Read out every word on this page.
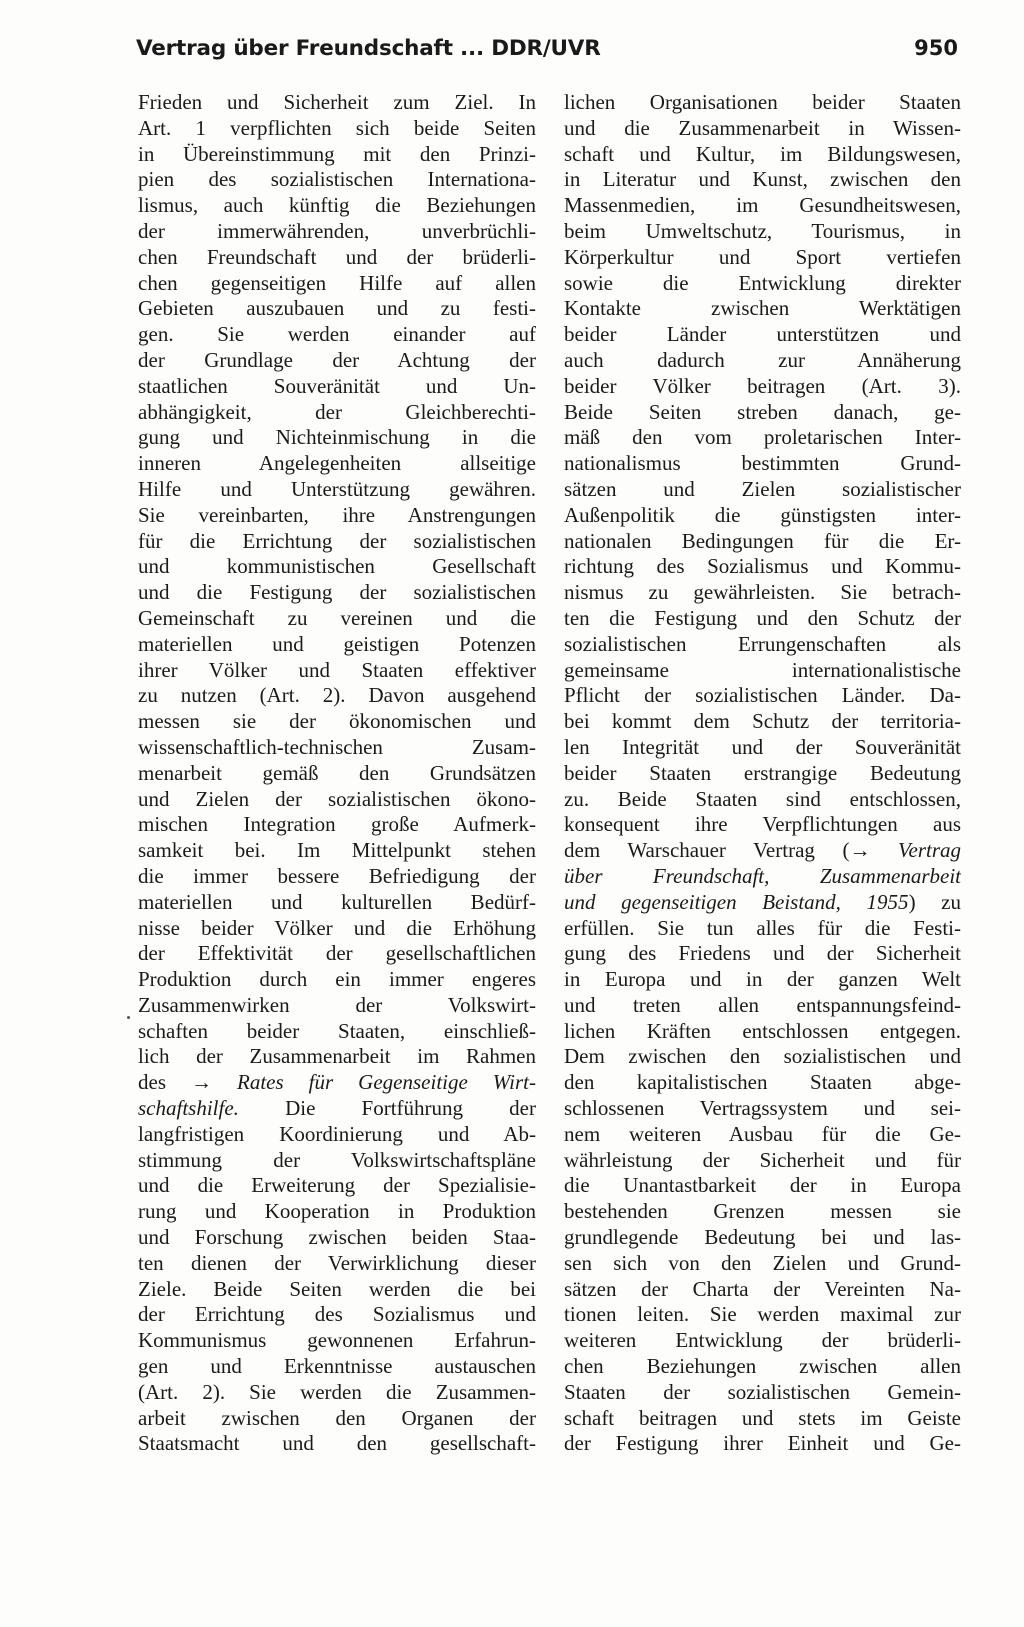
Vertrag über Freundschaft ... DDR/UVR	950
Frieden und Sicherheit zum Ziel. In
Art. 1 verpflichten sich beide Seiten
in Übereinstimmung mit den Prinzi-
pien des sozialistischen Internationa-
lismus, auch künftig die Beziehungen
der immerwährenden, unverbrüchli-
chen Freundschaft und der brüderli-
chen gegenseitigen Hilfe auf allen
Gebieten auszubauen und zu festi-
gen. Sie werden einander auf
der Grundlage der Achtung der
staatlichen Souveränität und Un-
abhängigkeit, der Gleichberechti-
gung und Nichteinmischung in die
inneren Angelegenheiten allseitige
Hilfe und Unterstützung gewähren.
Sie vereinbarten, ihre Anstrengungen
für die Errichtung der sozialistischen
und kommunistischen Gesellschaft
und die Festigung der sozialistischen
Gemeinschaft zu vereinen und die
materiellen und geistigen Potenzen
ihrer Völker und Staaten effektiver
zu nutzen (Art. 2). Davon ausgehend
messen sie der ökonomischen und
wissenschaftlich-technischen Zusam-
menarbeit gemäß den Grundsätzen
und Zielen der sozialistischen ökono-
mischen Integration große Aufmerk-
samkeit bei. Im Mittelpunkt stehen
die immer bessere Befriedigung der
materiellen und kulturellen Bedürf-
nisse beider Völker und die Erhöhung
der Effektivität der gesellschaftlichen
Produktion durch ein immer engeres
Zusammenwirken der Volkswirt-
schaften beider Staaten, einschließ-
lich der Zusammenarbeit im Rahmen
des → Rates für Gegenseitige Wirt-
schaftshilfe. Die Fortführung der
langfristigen Koordinierung und Ab-
stimmung der Volkswirtschaftspläne
und die Erweiterung der Spezialisie-
rung und Kooperation in Produktion
und Forschung zwischen beiden Staa-
ten dienen der Verwirklichung dieser
Ziele. Beide Seiten werden die bei
der Errichtung des Sozialismus und
Kommunismus gewonnenen Erfahrun-
gen und Erkenntnisse austauschen
(Art. 2). Sie werden die Zusammen-
arbeit zwischen den Organen der
Staatsmacht und den gesellschaft-
lichen Organisationen beider Staaten
und die Zusammenarbeit in Wissen-
schaft und Kultur, im Bildungswesen,
in Literatur und Kunst, zwischen den
Massenmedien, im Gesundheitswesen,
beim Umweltschutz, Tourismus, in
Körperkultur und Sport vertiefen
sowie die Entwicklung direkter
Kontakte zwischen Werktätigen
beider Länder unterstützen und
auch dadurch zur Annäherung
beider Völker beitragen (Art. 3).
Beide Seiten streben danach, ge-
mäß den vom proletarischen Inter-
nationalismus bestimmten Grund-
sätzen und Zielen sozialistischer
Außenpolitik die günstigsten inter-
nationalen Bedingungen für die Er-
richtung des Sozialismus und Kommu-
nismus zu gewährleisten. Sie betrach-
ten die Festigung und den Schutz der
sozialistischen Errungenschaften als
gemeinsame internationalistische
Pflicht der sozialistischen Länder. Da-
bei kommt dem Schutz der territoria-
len Integrität und der Souveränität
beider Staaten erstrangige Bedeutung
zu. Beide Staaten sind entschlossen,
konsequent ihre Verpflichtungen aus
dem Warschauer Vertrag (→ Vertrag
über Freundschaft, Zusammenarbeit
und gegenseitigen Beistand, 1955) zu
erfüllen. Sie tun alles für die Festi-
gung des Friedens und der Sicherheit
in Europa und in der ganzen Welt
und treten allen entspannungsfeind-
lichen Kräften entschlossen entgegen.
Dem zwischen den sozialistischen und
den kapitalistischen Staaten abge-
schlossenen Vertragssystem und sei-
nem weiteren Ausbau für die Ge-
währleistung der Sicherheit und für
die Unantastbarkeit der in Europa
bestehenden Grenzen messen sie
grundlegende Bedeutung bei und las-
sen sich von den Zielen und Grund-
sätzen der Charta der Vereinten Na-
tionen leiten. Sie werden maximal zur
weiteren Entwicklung der brüderli-
chen Beziehungen zwischen allen
Staaten der sozialistischen Gemein-
schaft beitragen und stets im Geiste
der Festigung ihrer Einheit und Ge-
